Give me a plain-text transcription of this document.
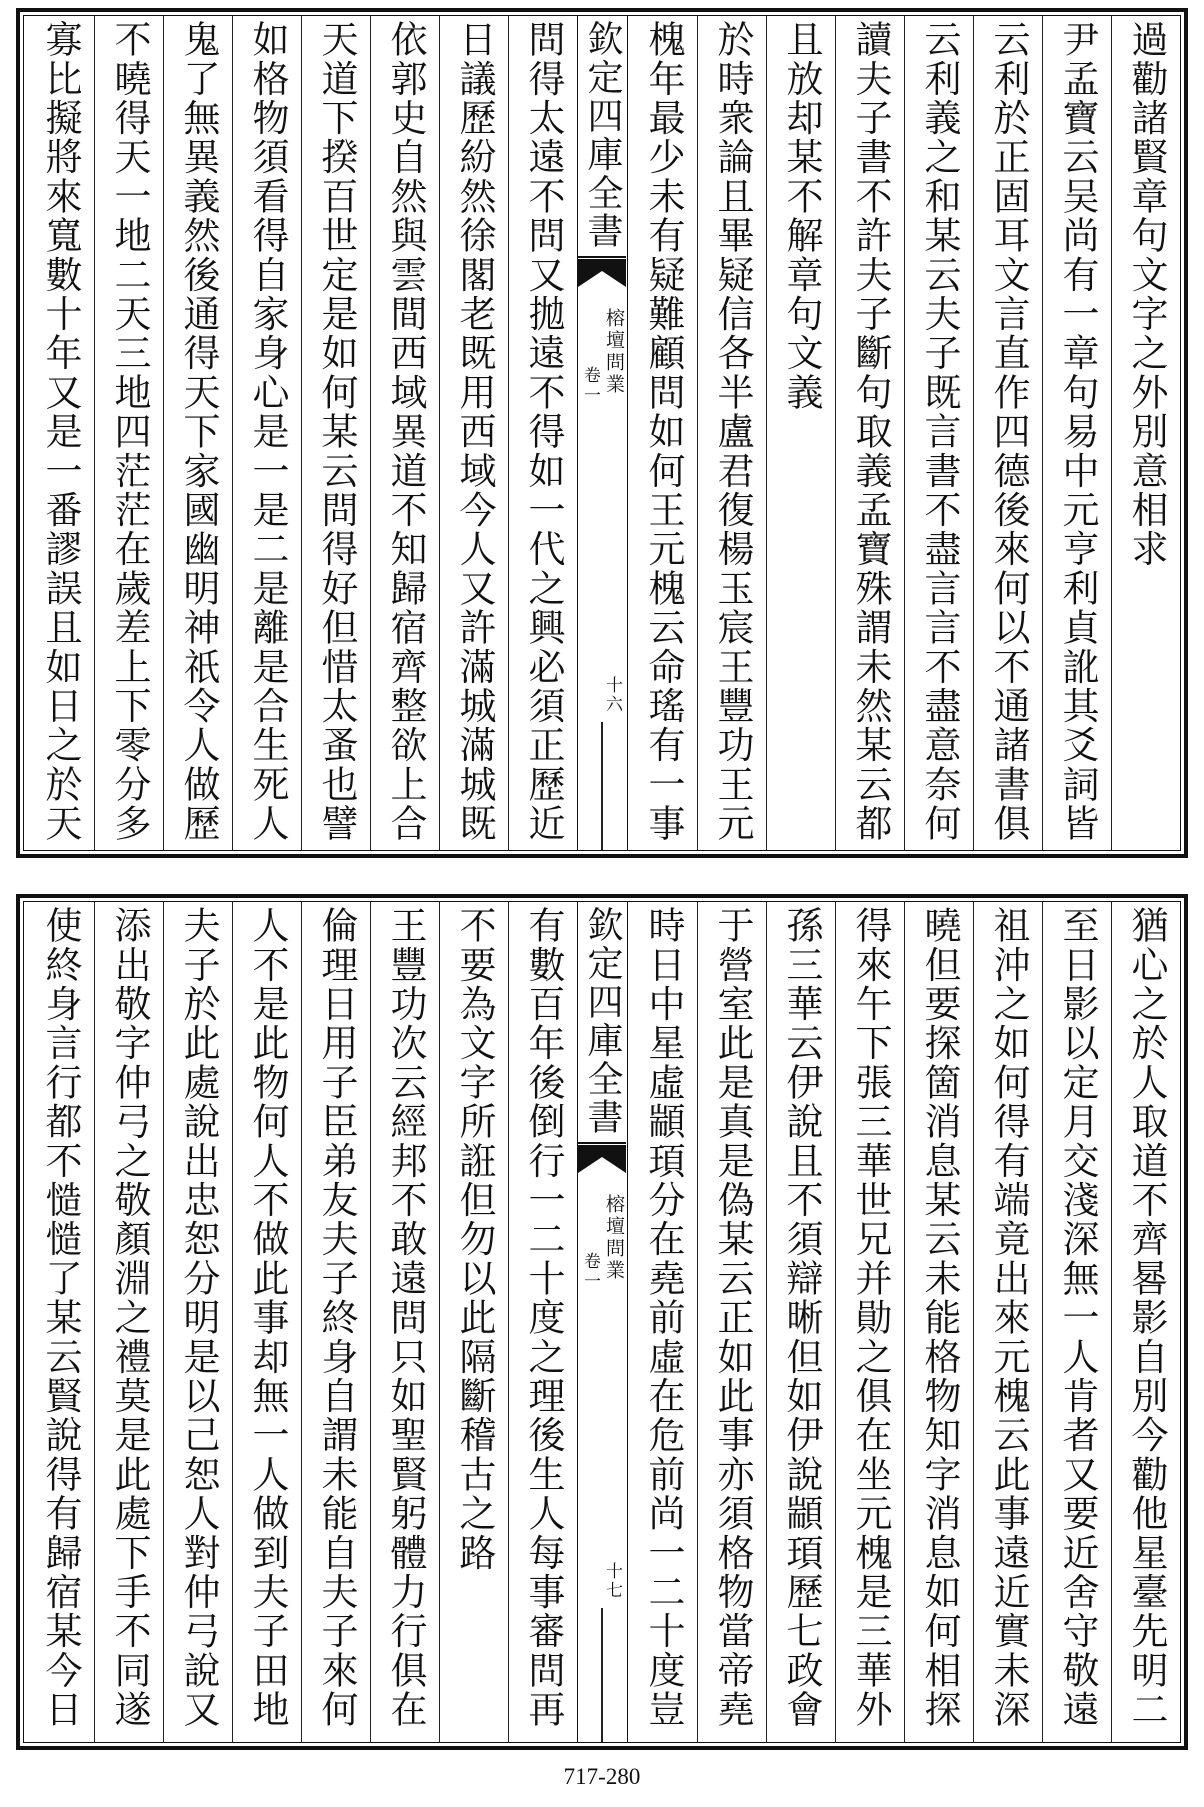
過勸諸賢章句文字之外別意相求
尹孟寶云吴尚有一章句易中元亨利貞訛其爻詞皆
云利於正固耳文言直作四德後來何以不通諸書俱
云利義之和某云夫子既言書不盡言言不盡意奈何
讀夫子書不許夫子斷句取義孟寶殊謂未然某云都
且放却某不解章句文義
於時衆論且畢疑信各半盧君復楊玉宸王豐功王元
槐年最少未有疑難顧問如何王元槐云命瑤有一事
欽定四庫全書
榕壇問業
卷一
十六
問得太遠不問又拋遠不得如一代之興必須正歷近
日議歷紛然徐閣老既用西域今人又許滿城滿城既
依郭史自然與雲間西域異道不知歸宿齊整欲上合
天道下揆百世定是如何某云問得好但惜太蚤也譬
如格物須看得自家身心是一是二是離是合生死人
鬼了無異義然後通得天下家國幽明神祇令人做歷
不曉得天一地二天三地四茫茫在歲差上下零分多
寡比擬將來寬數十年又是一番謬誤且如日之於天
猶心之於人取道不齊晷影自別今勸他星臺先明二
至日影以定月交淺深無一人肯者又要近舍守敬遠
祖沖之如何得有端竟出來元槐云此事遠近實未深
曉但要探箇消息某云未能格物知字消息如何相探
得來午下張三華世兄并勛之俱在坐元槐是三華外
孫三華云伊說且不須辯晰但如伊說顓頊歷七政會
于營室此是真是偽某云正如此事亦須格物當帝堯
時日中星虛顓頊分在堯前虛在危前尚一二十度豈
欽定四庫全書
榕壇問業
卷一
十七
有數百年後倒行一二十度之理後生人每事審問再
不要為文字所誑但勿以此隔斷稽古之路
王豐功次云經邦不敢遠問只如聖賢躬體力行俱在
倫理日用子臣弟友夫子終身自謂未能自夫子來何
人不是此物何人不做此事却無一人做到夫子田地
夫子於此處說出忠恕分明是以己恕人對仲弓說又
添出敬字仲弓之敬顏淵之禮莫是此處下手不同遂
使終身言行都不慥慥了某云賢說得有歸宿某今日
717-280
